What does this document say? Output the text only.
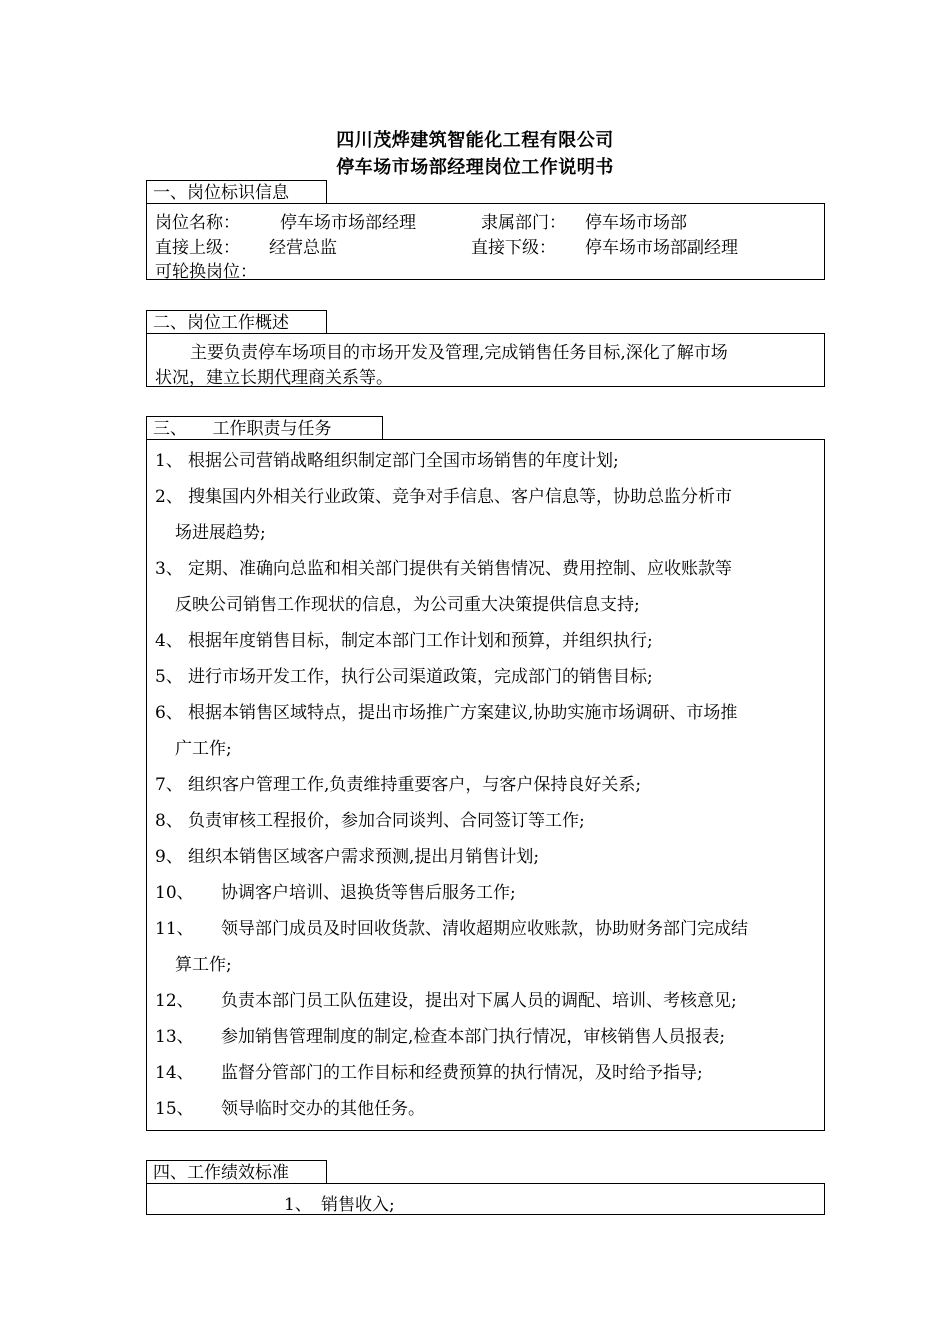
四川茂烨建筑智能化工程有限公司
停车场市场部经理岗位工作说明书
一、岗位标识信息
岗位名称： 停车场市场部经理	隶属部门： 停车场市场部
直接上级： 经营总监	直接下级： 停车场市场部副经理
可轮换岗位：
二、岗位工作概述
主要负责停车场项目的市场开发及管理,完成销售任务目标,深化了解市场
状况，建立长期代理商关系等。
三、　　工作职责与任务
1、 根据公司营销战略组织制定部门全国市场销售的年度计划;
2、 搜集国内外相关行业政策、竞争对手信息、客户信息等，协助总监分析市
场进展趋势;
3、 定期、准确向总监和相关部门提供有关销售情况、费用控制、应收账款等
反映公司销售工作现状的信息，为公司重大决策提供信息支持;
4、 根据年度销售目标，制定本部门工作计划和预算，并组织执行;
5、 进行市场开发工作，执行公司渠道政策，完成部门的销售目标;
6、 根据本销售区域特点，提出市场推广方案建议,协助实施市场调研、市场推
广工作;
7、 组织客户管理工作,负责维持重要客户，与客户保持良好关系;
8、 负责审核工程报价，参加合同谈判、合同签订等工作;
9、 组织本销售区域客户需求预测,提出月销售计划;
10、 协调客户培训、退换货等售后服务工作;
11、 领导部门成员及时回收货款、清收超期应收账款，协助财务部门完成结
算工作;
12、 负责本部门员工队伍建设，提出对下属人员的调配、培训、考核意见;
13、 参加销售管理制度的制定,检查本部门执行情况，审核销售人员报表;
14、 监督分管部门的工作目标和经费预算的执行情况，及时给予指导;
15、 领导临时交办的其他任务。
四、工作绩效标准
1、 销售收入;
